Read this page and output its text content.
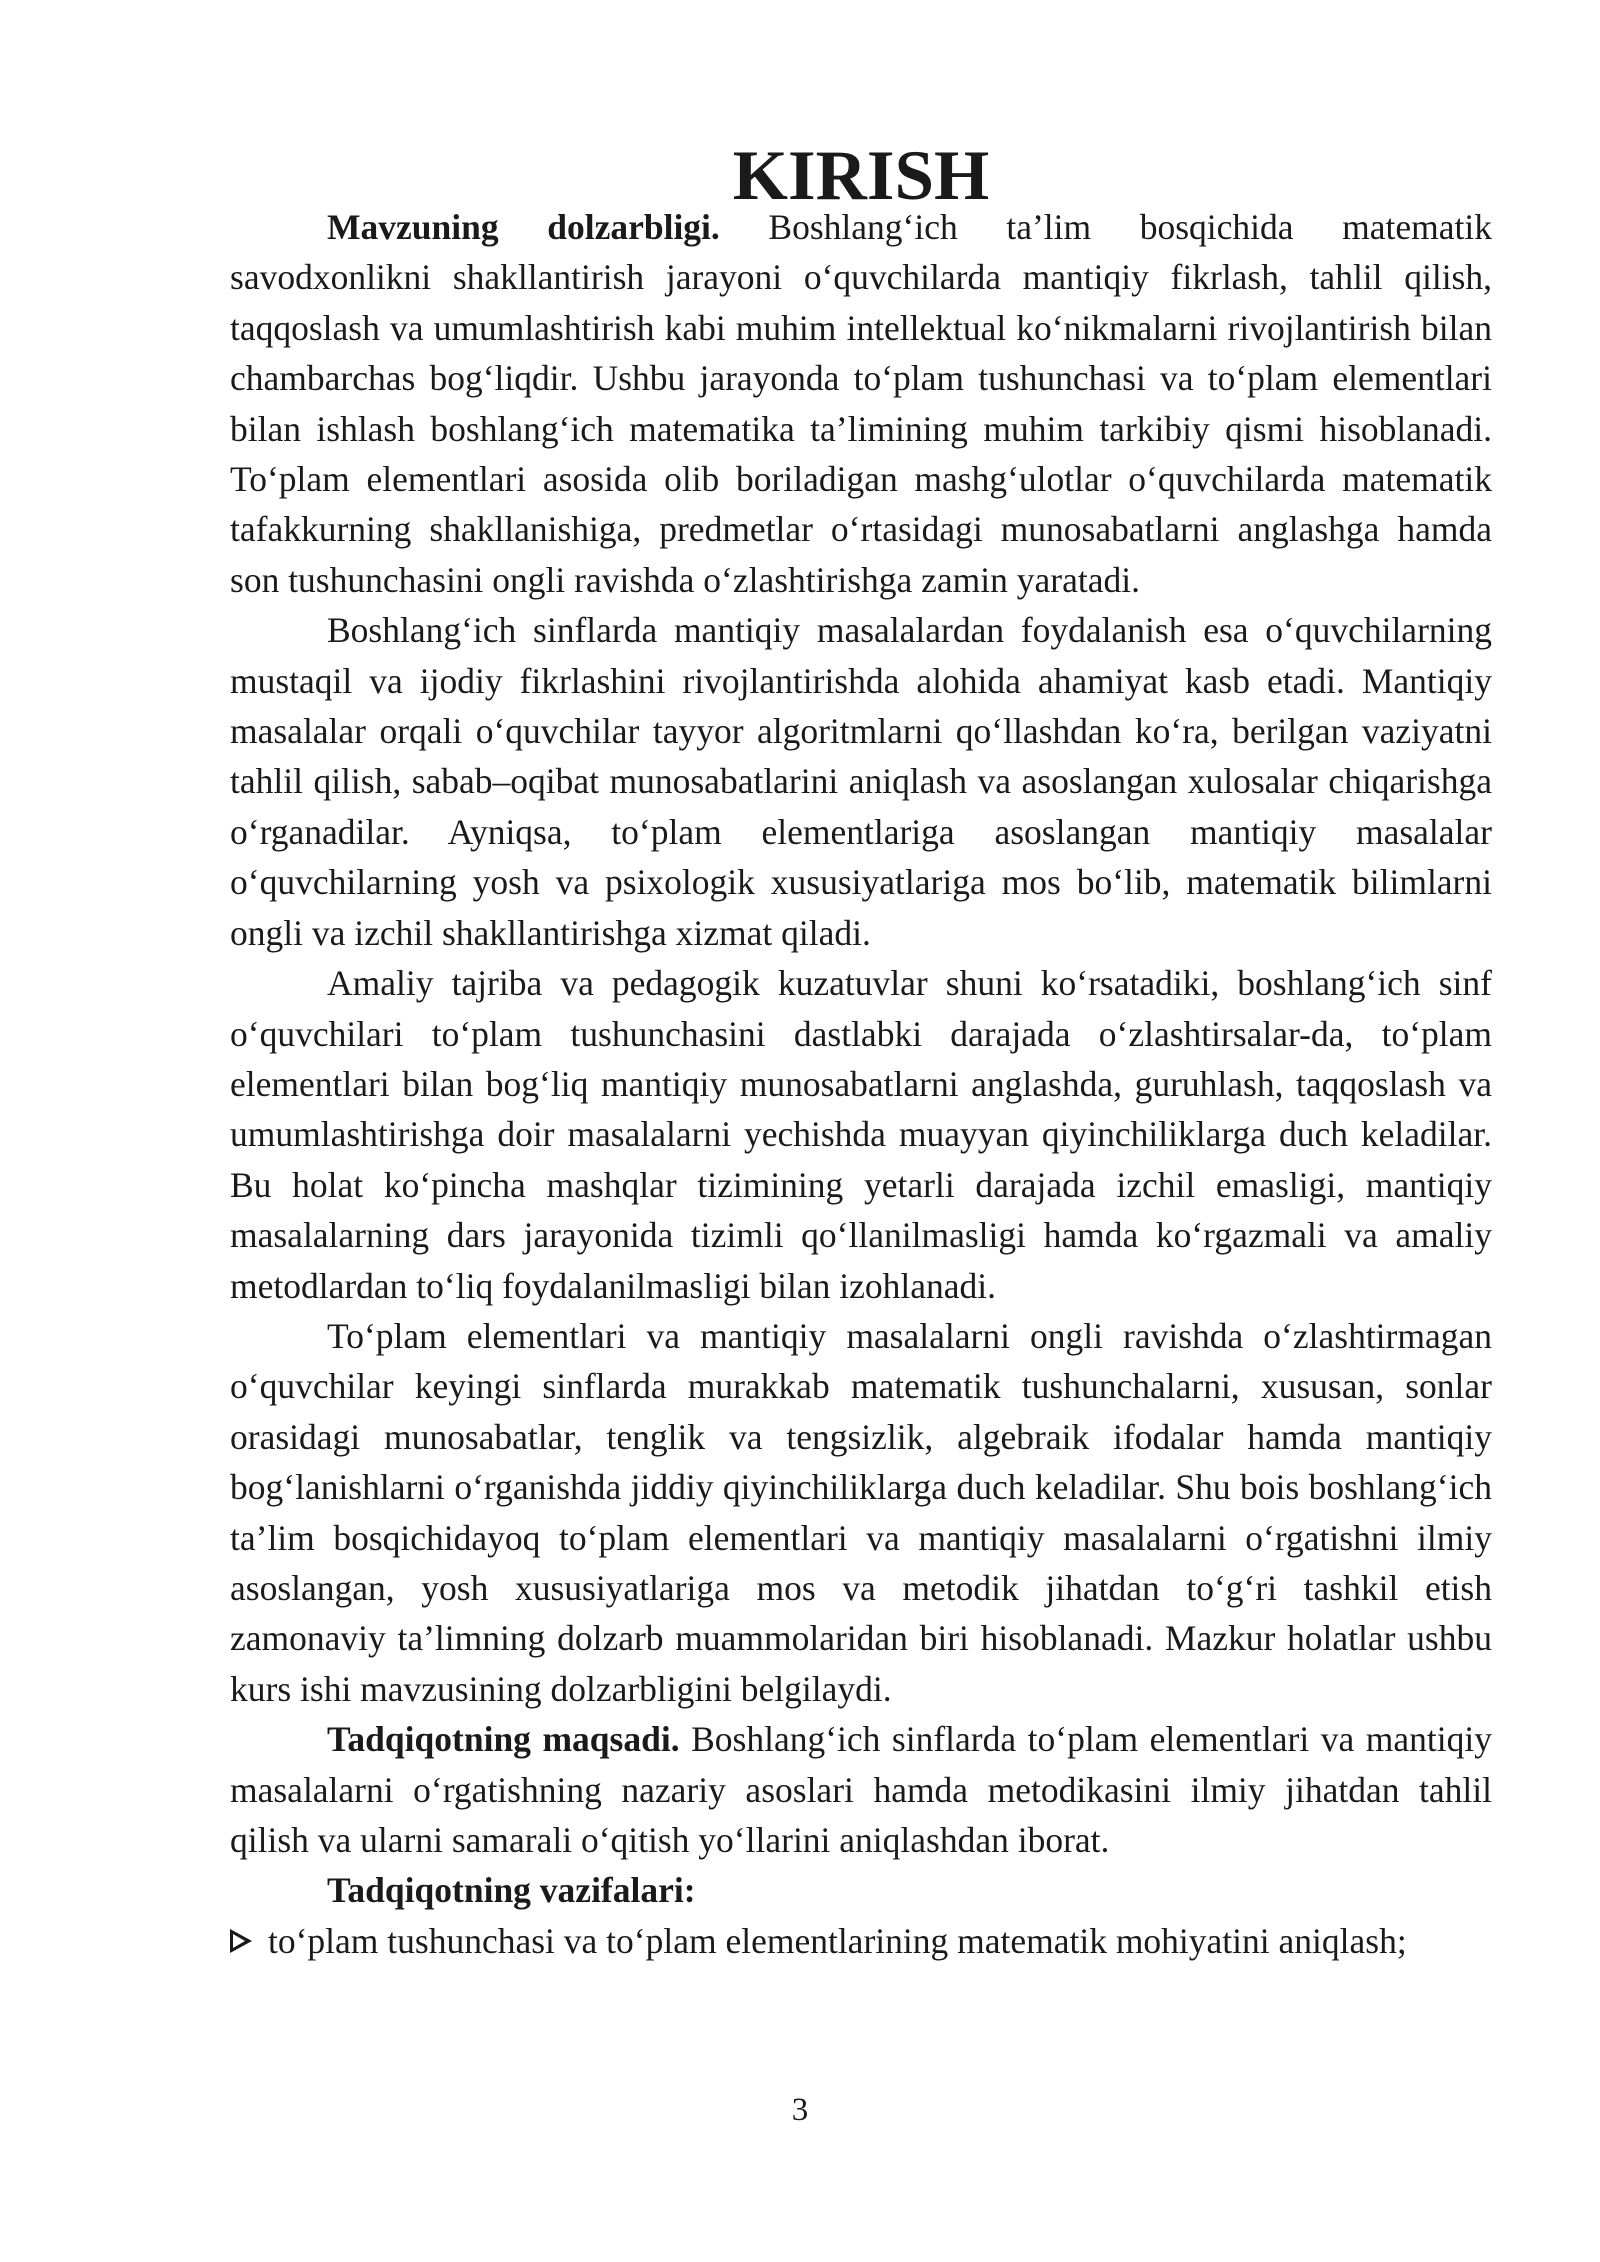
KIRISH

Mavzuning dolzarbligi. Boshlang‘ich ta’lim bosqichida matematik savodxonlikni shakllantirish jarayoni o‘quvchilarda mantiqiy fikrlash, tahlil qilish, taqqoslash va umumlashtirish kabi muhim intellektual ko‘nikmalarni rivojlantirish bilan chambarchas bog‘liqdir. Ushbu jarayonda to‘plam tushunchasi va to‘plam elementlari bilan ishlash boshlang‘ich matematika ta’limining muhim tarkibiy qismi hisoblanadi. To‘plam elementlari asosida olib boriladigan mashg‘ulotlar o‘quvchilarda matematik tafakkurning shakllanishiga, predmetlar o‘rtasidagi munosabatlarni anglashga hamda son tushunchasini ongli ravishda o‘zlashtirishga zamin yaratadi.

Boshlang‘ich sinflarda mantiqiy masalalardan foydalanish esa o‘quvchilarning mustaqil va ijodiy fikrlashini rivojlantirishda alohida ahamiyat kasb etadi. Mantiqiy masalalar orqali o‘quvchilar tayyor algoritmlarni qo‘llashdan ko‘ra, berilgan vaziyatni tahlil qilish, sabab–oqibat munosabatlarini aniqlash va asoslangan xulosalar chiqarishga o‘rganadilar. Ayniqsa, to‘plam elementlariga asoslangan mantiqiy masalalar o‘quvchilarning yosh va psixologik xususiyatlariga mos bo‘lib, matematik bilimlarni ongli va izchil shakllantirishga xizmat qiladi.

Amaliy tajriba va pedagogik kuzatuvlar shuni ko‘rsatadiki, boshlang‘ich sinf o‘quvchilari to‘plam tushunchasini dastlabki darajada o‘zlashtirsalar-da, to‘plam elementlari bilan bog‘liq mantiqiy munosabatlarni anglashda, guruhlash, taqqoslash va umumlashtirishga doir masalalarni yechishda muayyan qiyinchiliklarga duch keladilar. Bu holat ko‘pincha mashqlar tizimining yetarli darajada izchil emasligi, mantiqiy masalalarning dars jarayonida tizimli qo‘llanilmasligi hamda ko‘rgazmali va amaliy metodlardan to‘liq foydalanilmasligi bilan izohlanadi.

To‘plam elementlari va mantiqiy masalalarni ongli ravishda o‘zlashtirmagan o‘quvchilar keyingi sinflarda murakkab matematik tushunchalarni, xususan, sonlar orasidagi munosabatlar, tenglik va tengsizlik, algebraik ifodalar hamda mantiqiy bog‘lanishlarni o‘rganishda jiddiy qiyinchiliklarga duch keladilar. Shu bois boshlang‘ich ta’lim bosqichidayoq to‘plam elementlari va mantiqiy masalalarni o‘rgatishni ilmiy asoslangan, yosh xususiyatlariga mos va metodik jihatdan to‘g‘ri tashkil etish zamonaviy ta’limning dolzarb muammolaridan biri hisoblanadi. Mazkur holatlar ushbu kurs ishi mavzusining dolzarbligini belgilaydi.

Tadqiqotning maqsadi. Boshlang‘ich sinflarda to‘plam elementlari va mantiqiy masalalarni o‘rgatishning nazariy asoslari hamda metodikasini ilmiy jihatdan tahlil qilish va ularni samarali o‘qitish yo‘llarini aniqlashdan iborat.

Tadqiqotning vazifalari:

to‘plam tushunchasi va to‘plam elementlarining matematik mohiyatini aniqlash;
3
